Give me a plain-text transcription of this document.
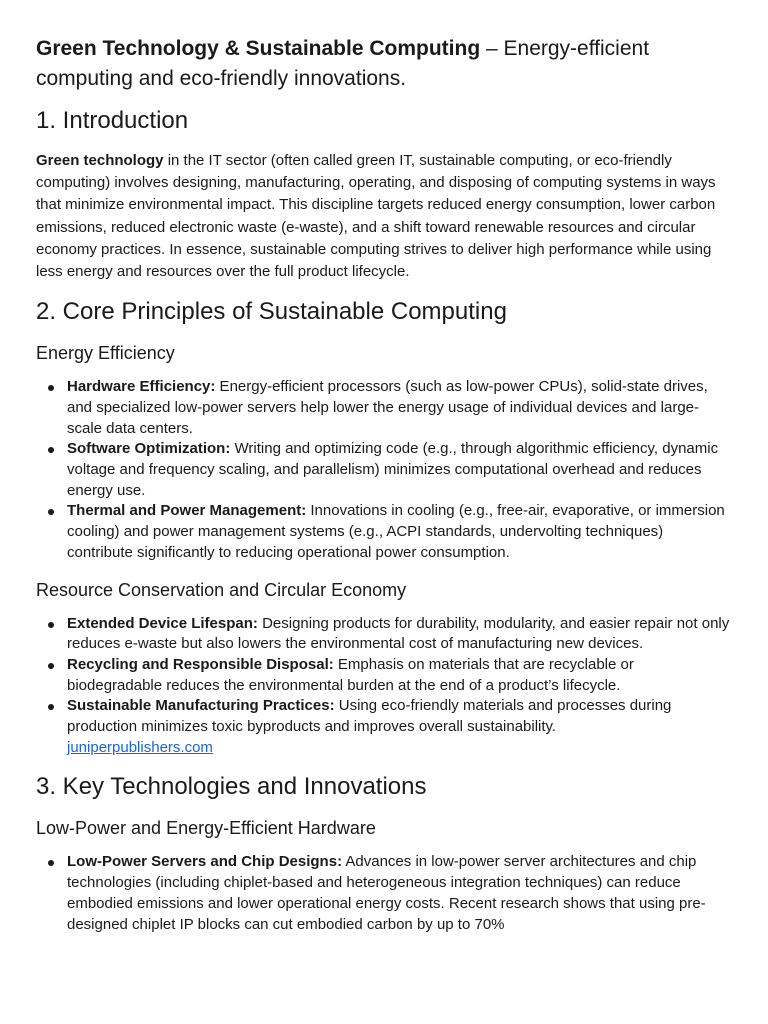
Green Technology & Sustainable Computing – Energy-efficient computing and eco-friendly innovations.
1. Introduction

Green technology in the IT sector (often called green IT, sustainable computing, or eco-friendly computing) involves designing, manufacturing, operating, and disposing of computing systems in ways that minimize environmental impact. This discipline targets reduced energy consumption, lower carbon emissions, reduced electronic waste (e-waste), and a shift toward renewable resources and circular economy practices. In essence, sustainable computing strives to deliver high performance while using less energy and resources over the full product lifecycle.

2. Core Principles of Sustainable Computing
Energy Efficiency
Hardware Efficiency: Energy-efficient processors (such as low-power CPUs), solid-state drives, and specialized low-power servers help lower the energy usage of individual devices and large-scale data centers.
Software Optimization: Writing and optimizing code (e.g., through algorithmic efficiency, dynamic voltage and frequency scaling, and parallelism) minimizes computational overhead and reduces energy use.
Thermal and Power Management: Innovations in cooling (e.g., free-air, evaporative, or immersion cooling) and power management systems (e.g., ACPI standards, undervolting techniques) contribute significantly to reducing operational power consumption.
Resource Conservation and Circular Economy
Extended Device Lifespan: Designing products for durability, modularity, and easier repair not only reduces e-waste but also lowers the environmental cost of manufacturing new devices.
Recycling and Responsible Disposal: Emphasis on materials that are recyclable or biodegradable reduces the environmental burden at the end of a product’s lifecycle.
Sustainable Manufacturing Practices: Using eco-friendly materials and processes during production minimizes toxic byproducts and improves overall sustainability.
juniperpublishers.com
3. Key Technologies and Innovations
Low-Power and Energy-Efficient Hardware
Low-Power Servers and Chip Designs: Advances in low-power server architectures and chip technologies (including chiplet-based and heterogeneous integration techniques) can reduce embodied emissions and lower operational energy costs. Recent research shows that using pre-designed chiplet IP blocks can cut embodied carbon by up to 70%
